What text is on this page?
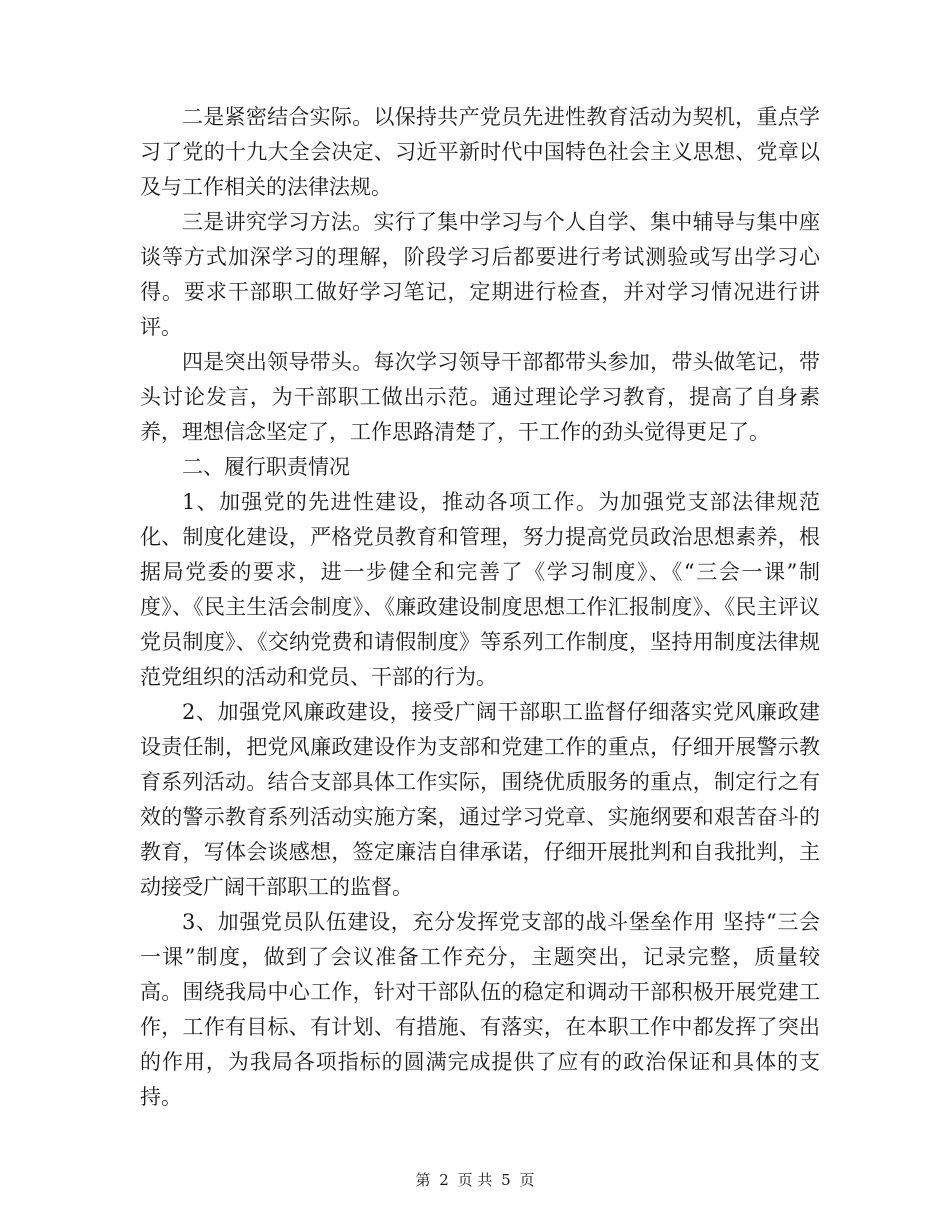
二是紧密结合实际。以保持共产党员先进性教育活动为契机，重点学习了党的十九大全会决定、习近平新时代中国特色社会主义思想、党章以及与工作相关的法律法规。

三是讲究学习方法。实行了集中学习与个人自学、集中辅导与集中座谈等方式加深学习的理解，阶段学习后都要进行考试测验或写出学习心得。要求干部职工做好学习笔记，定期进行检查，并对学习情况进行讲评。

四是突出领导带头。每次学习领导干部都带头参加，带头做笔记，带头讨论发言，为干部职工做出示范。通过理论学习教育，提高了自身素养，理想信念坚定了，工作思路清楚了，干工作的劲头觉得更足了。

二、履行职责情况

1、加强党的先进性建设，推动各项工作。为加强党支部法律规范化、制度化建设，严格党员教育和管理，努力提高党员政治思想素养，根据局党委的要求，进一步健全和完善了《学习制度》、《“三会一课”制度》、《民主生活会制度》、《廉政建设制度思想工作汇报制度》、《民主评议党员制度》、《交纳党费和请假制度》等系列工作制度，坚持用制度法律规范党组织的活动和党员、干部的行为。

2、加强党风廉政建设，接受广阔干部职工监督仔细落实党风廉政建设责任制，把党风廉政建设作为支部和党建工作的重点，仔细开展警示教育系列活动。结合支部具体工作实际，围绕优质服务的重点，制定行之有效的警示教育系列活动实施方案，通过学习党章、实施纲要和艰苦奋斗的教育，写体会谈感想，签定廉洁自律承诺，仔细开展批判和自我批判，主动接受广阔干部职工的监督。

3、加强党员队伍建设，充分发挥党支部的战斗堡垒作用 坚持“三会一课”制度，做到了会议准备工作充分，主题突出，记录完整，质量较高。围绕我局中心工作，针对干部队伍的稳定和调动干部积极开展党建工作，工作有目标、有计划、有措施、有落实，在本职工作中都发挥了突出的作用，为我局各项指标的圆满完成提供了应有的政治保证和具体的支持。

第 2 页 共 5 页
